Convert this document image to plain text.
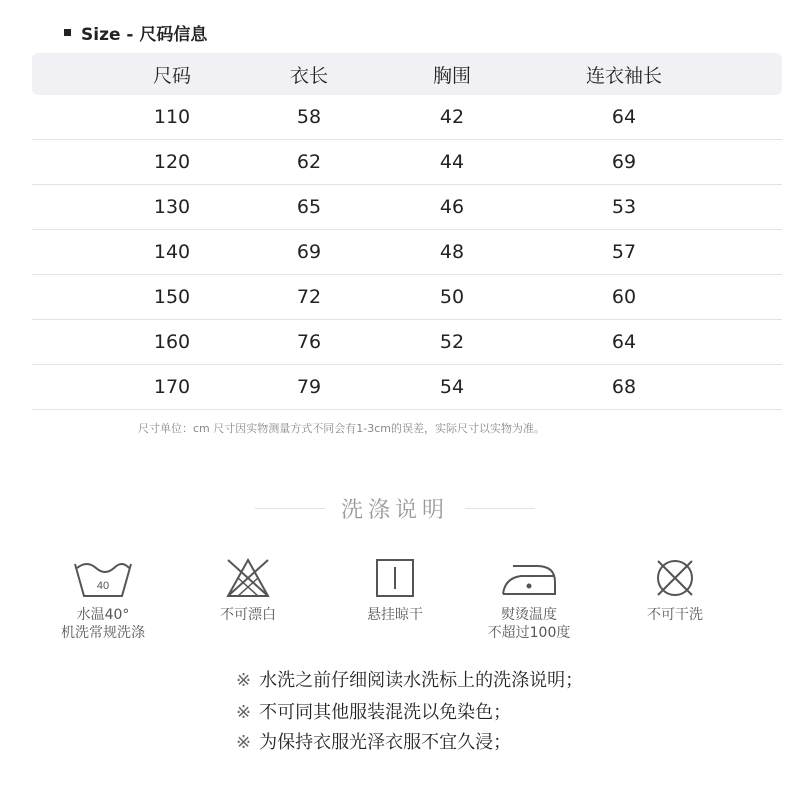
Size - 尺码信息
尺码	衣长	胸围	连衣袖长
110	58	42	64
120	62	44	69
130	65	46	53
140	69	48	57
150	72	50	60
160	76	52	64
170	79	54	68
尺寸单位：cm 尺寸因实物测量方式不同会有1-3cm的误差，实际尺寸以实物为准。
洗涤说明
40
水温40°
机洗常规洗涤
不可漂白	悬挂晾干	熨烫温度
不超过100度
不可干洗
※ 水洗之前仔细阅读水洗标上的洗涤说明；
※ 不可同其他服装混洗以免染色；
※ 为保持衣服光泽衣服不宜久浸；
